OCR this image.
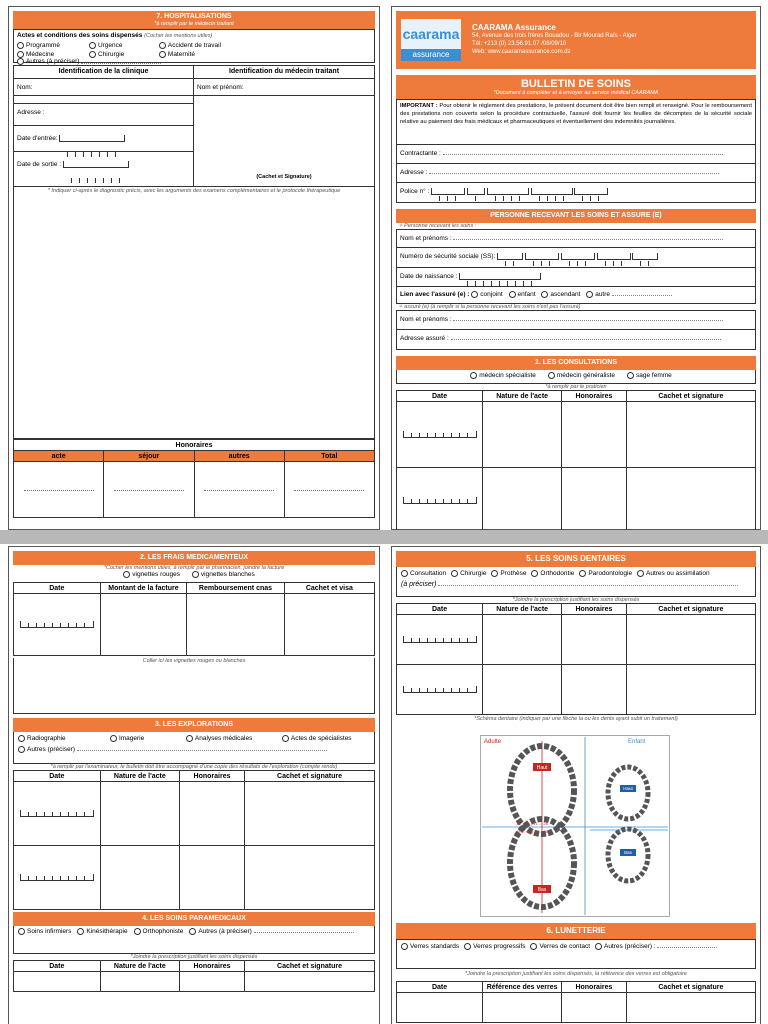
7. HOSPITALISATIONS
*à remplir par le médecin traitant
Actes et conditions des soins dispensés (Cocher les mentions utiles)
Programmé	Urgence	Accident de travail
Médecine	Chirurgie	Maternité Autres (à préciser)
Identification de la clinique
Nom:
Adresse :
Date d'entrée:
Date de sortie :
Identification du médecin traitant
Nom et prénom:
(Cachet et Signature)
* Indiquer ci-après le diagnostic précis, avec les arguments des examens complémentaires et le protocole thérapeutique
Honoraires			
acte	séjour	autres	Total

caarama
assurance
CAARAMA Assurance
54, Avenue des trois frères Bouadou - Bir Mourad Raïs - Alger
Tél: +213 (0) 23.56.91.07 /08/09/10
Web: www.caaramassurance.com.dz
BULLETIN DE SOINS
*Document à compléter et à envoyer au service médical CAARAMA
IMPORTANT : Pour obtenir le règlement des prestations, le présent document doit être bien rempli et renseigné. Pour le remboursement des prestations non couverts selon la procédure contractuelle, l'assuré doit fournir les feuilles de décomptes de la sécurité sociale relative au paiement des frais médicaux et pharmaceutiques et éventuellement des indemnités journalières.
Contractante :
Adresse :
Police n° :
PERSONNE RECEVANT LES SOINS ET ASSURE (E)
✧ Personne recevant les soins :
Nom et prénoms :
Numéro de sécurité sociale (SS):
Date de naissance :
Lien avec l'assuré (e) : conjoint enfant ascendant autre
✧ assuré (e) (à remplir si la personne recevant les soins n'est pas l'assuré)
Nom et prénoms :
Adresse assuré :
1. LES CONSULTATIONS
médecin spécialiste	médecin généraliste	sage femme
*à remplir par le praticien
Date	Nature de l'acte	Honoraires	Cachet et signature

2. LES FRAIS MEDICAMENTEUX
*Cocher les mentions utiles, à remplir par le pharmacien, joindre la facture
vignettes rouges	vignettes blanches
Date	Montant de la facture	Remboursement cnas	Cachet et visa

Coller ici les vignettes rouges ou blanches
3. LES EXPLORATIONS
Radiographie	Imagerie	Analyses médicales	Actes de spécialistes
Autres (préciser)
*à remplir par l'examinateur, le bulletin doit être accompagné d'une copie des résultats de l'exploration (compte rendu)
Date	Nature de l'acte	Honoraires	Cachet et signature

4. LES SOINS PARAMEDICAUX
Soins infirmiers Kinésithérapie Orthophoniste Autres (à préciser)
*Joindre la prescription justifiant les soins dispensés
Date	Nature de l'acte	Honoraires	Cachet et signature

5. LES SOINS DENTAIRES
Consultation Chirurgie Prothèse Orthodontie Parodontologie Autres ou assimilation
(à préciser)
*Joindre la prescription justifiant les soins dispensés
Date	Nature de l'acte	Honoraires	Cachet et signature

*Schéma dentaire (indiquer par une flèche la ou les dents ayant subit un traitement)
Adulte	Enfant
Haut
Bas
18 ... 11 | 21 ... 28
48 ... 41 | 31 ... 38
Haut
Bas
6. LUNETTERIE
Verres standards Verres progressifs Verres de contact Autres (préciser) :
*Joindre la prescription justifiant les soins dispensés, la référence des verres est obligatoire
Date	Référence des verres	Honoraires	Cachet et signature
